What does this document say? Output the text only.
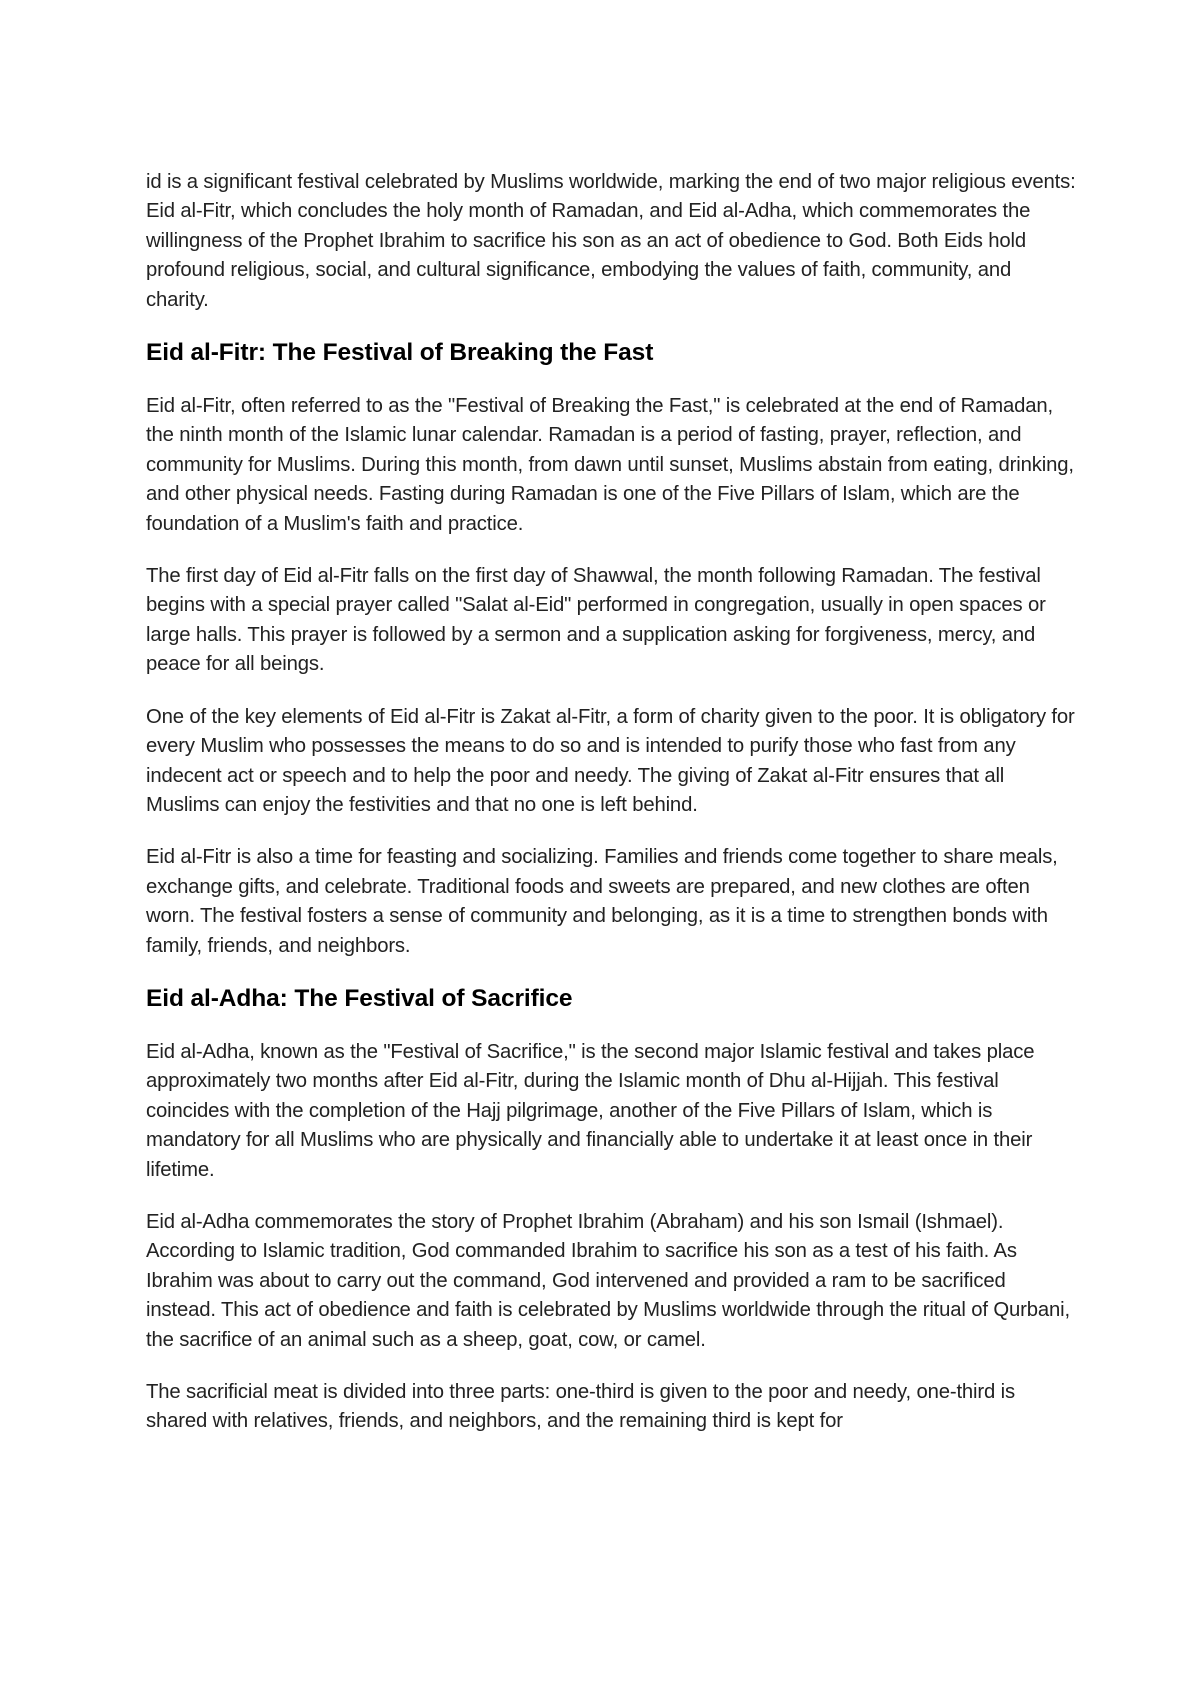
id is a significant festival celebrated by Muslims worldwide, marking the end of two major religious events: Eid al-Fitr, which concludes the holy month of Ramadan, and Eid al-Adha, which commemorates the willingness of the Prophet Ibrahim to sacrifice his son as an act of obedience to God. Both Eids hold profound religious, social, and cultural significance, embodying the values of faith, community, and charity.

Eid al-Fitr: The Festival of Breaking the Fast

Eid al-Fitr, often referred to as the "Festival of Breaking the Fast," is celebrated at the end of Ramadan, the ninth month of the Islamic lunar calendar. Ramadan is a period of fasting, prayer, reflection, and community for Muslims. During this month, from dawn until sunset, Muslims abstain from eating, drinking, and other physical needs. Fasting during Ramadan is one of the Five Pillars of Islam, which are the foundation of a Muslim's faith and practice.

The first day of Eid al-Fitr falls on the first day of Shawwal, the month following Ramadan. The festival begins with a special prayer called "Salat al-Eid" performed in congregation, usually in open spaces or large halls. This prayer is followed by a sermon and a supplication asking for forgiveness, mercy, and peace for all beings.

One of the key elements of Eid al-Fitr is Zakat al-Fitr, a form of charity given to the poor. It is obligatory for every Muslim who possesses the means to do so and is intended to purify those who fast from any indecent act or speech and to help the poor and needy. The giving of Zakat al-Fitr ensures that all Muslims can enjoy the festivities and that no one is left behind.

Eid al-Fitr is also a time for feasting and socializing. Families and friends come together to share meals, exchange gifts, and celebrate. Traditional foods and sweets are prepared, and new clothes are often worn. The festival fosters a sense of community and belonging, as it is a time to strengthen bonds with family, friends, and neighbors.

Eid al-Adha: The Festival of Sacrifice

Eid al-Adha, known as the "Festival of Sacrifice," is the second major Islamic festival and takes place approximately two months after Eid al-Fitr, during the Islamic month of Dhu al-Hijjah. This festival coincides with the completion of the Hajj pilgrimage, another of the Five Pillars of Islam, which is mandatory for all Muslims who are physically and financially able to undertake it at least once in their lifetime.

Eid al-Adha commemorates the story of Prophet Ibrahim (Abraham) and his son Ismail (Ishmael). According to Islamic tradition, God commanded Ibrahim to sacrifice his son as a test of his faith. As Ibrahim was about to carry out the command, God intervened and provided a ram to be sacrificed instead. This act of obedience and faith is celebrated by Muslims worldwide through the ritual of Qurbani, the sacrifice of an animal such as a sheep, goat, cow, or camel.

The sacrificial meat is divided into three parts: one-third is given to the poor and needy, one-third is shared with relatives, friends, and neighbors, and the remaining third is kept for
